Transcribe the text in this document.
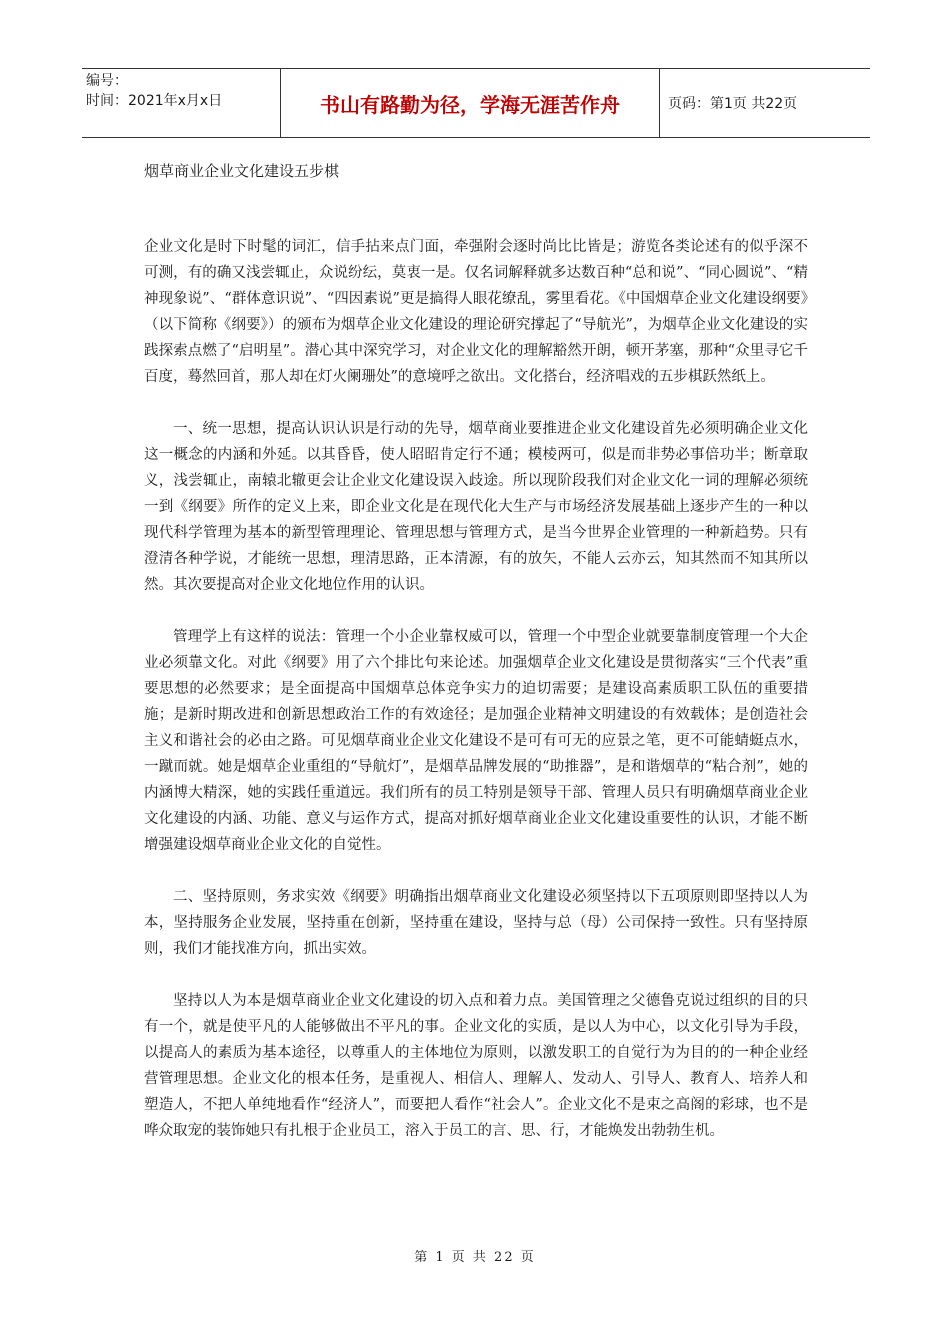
编号：
时间：2021年x月x日	书山有路勤为径，学海无涯苦作舟	页码：第1页 共22页
烟草商业企业文化建设五步棋

企业文化是时下时髦的词汇，信手拈来点门面，牵强附会逐时尚比比皆是；游览各类论述有的似乎深不可测，有的确又浅尝辄止，众说纷纭，莫衷一是。仅名词解释就多达数百种“总和说”、“同心圆说”、“精神现象说”、“群体意识说”、“四因素说”更是搞得人眼花缭乱，雾里看花。《中国烟草企业文化建设纲要》（以下简称《纲要》）的颁布为烟草企业文化建设的理论研究撑起了“导航光”，为烟草企业文化建设的实践探索点燃了“启明星”。潜心其中深究学习，对企业文化的理解豁然开朗，顿开茅塞，那种“众里寻它千百度，蓦然回首，那人却在灯火阑珊处”的意境呼之欲出。文化搭台，经济唱戏的五步棋跃然纸上。

一、统一思想，提高认识认识是行动的先导，烟草商业要推进企业文化建设首先必须明确企业文化这一概念的内涵和外延。以其昏昏，使人昭昭肯定行不通；模棱两可，似是而非势必事倍功半；断章取义，浅尝辄止，南辕北辙更会让企业文化建设误入歧途。所以现阶段我们对企业文化一词的理解必须统一到《纲要》所作的定义上来，即企业文化是在现代化大生产与市场经济发展基础上逐步产生的一种以现代科学管理为基本的新型管理理论、管理思想与管理方式，是当今世界企业管理的一种新趋势。只有澄清各种学说，才能统一思想，理清思路，正本清源，有的放矢，不能人云亦云，知其然而不知其所以然。其次要提高对企业文化地位作用的认识。

管理学上有这样的说法：管理一个小企业靠权威可以，管理一个中型企业就要靠制度管理一个大企业必须靠文化。对此《纲要》用了六个排比句来论述。加强烟草企业文化建设是贯彻落实“三个代表”重要思想的必然要求；是全面提高中国烟草总体竞争实力的迫切需要；是建设高素质职工队伍的重要措施；是新时期改进和创新思想政治工作的有效途径；是加强企业精神文明建设的有效载体；是创造社会主义和谐社会的必由之路。可见烟草商业企业文化建设不是可有可无的应景之笔，更不可能蜻蜓点水，一蹴而就。她是烟草企业重组的“导航灯”，是烟草品牌发展的“助推器”，是和谐烟草的“粘合剂”，她的内涵博大精深，她的实践任重道远。我们所有的员工特别是领导干部、管理人员只有明确烟草商业企业文化建设的内涵、功能、意义与运作方式，提高对抓好烟草商业企业文化建设重要性的认识，才能不断增强建设烟草商业企业文化的自觉性。

二、坚持原则，务求实效《纲要》明确指出烟草商业文化建设必须坚持以下五项原则即坚持以人为本，坚持服务企业发展，坚持重在创新，坚持重在建设，坚持与总（母）公司保持一致性。只有坚持原则，我们才能找准方向，抓出实效。

坚持以人为本是烟草商业企业文化建设的切入点和着力点。美国管理之父德鲁克说过组织的目的只有一个，就是使平凡的人能够做出不平凡的事。企业文化的实质，是以人为中心，以文化引导为手段，以提高人的素质为基本途径，以尊重人的主体地位为原则，以激发职工的自觉行为为目的的一种企业经营管理思想。企业文化的根本任务，是重视人、相信人、理解人、发动人、引导人、教育人、培养人和塑造人，不把人单纯地看作“经济人”，而要把人看作“社会人”。企业文化不是束之高阁的彩球，也不是哗众取宠的装饰她只有扎根于企业员工，溶入于员工的言、思、行，才能焕发出勃勃生机。

第 1 页 共 22 页
